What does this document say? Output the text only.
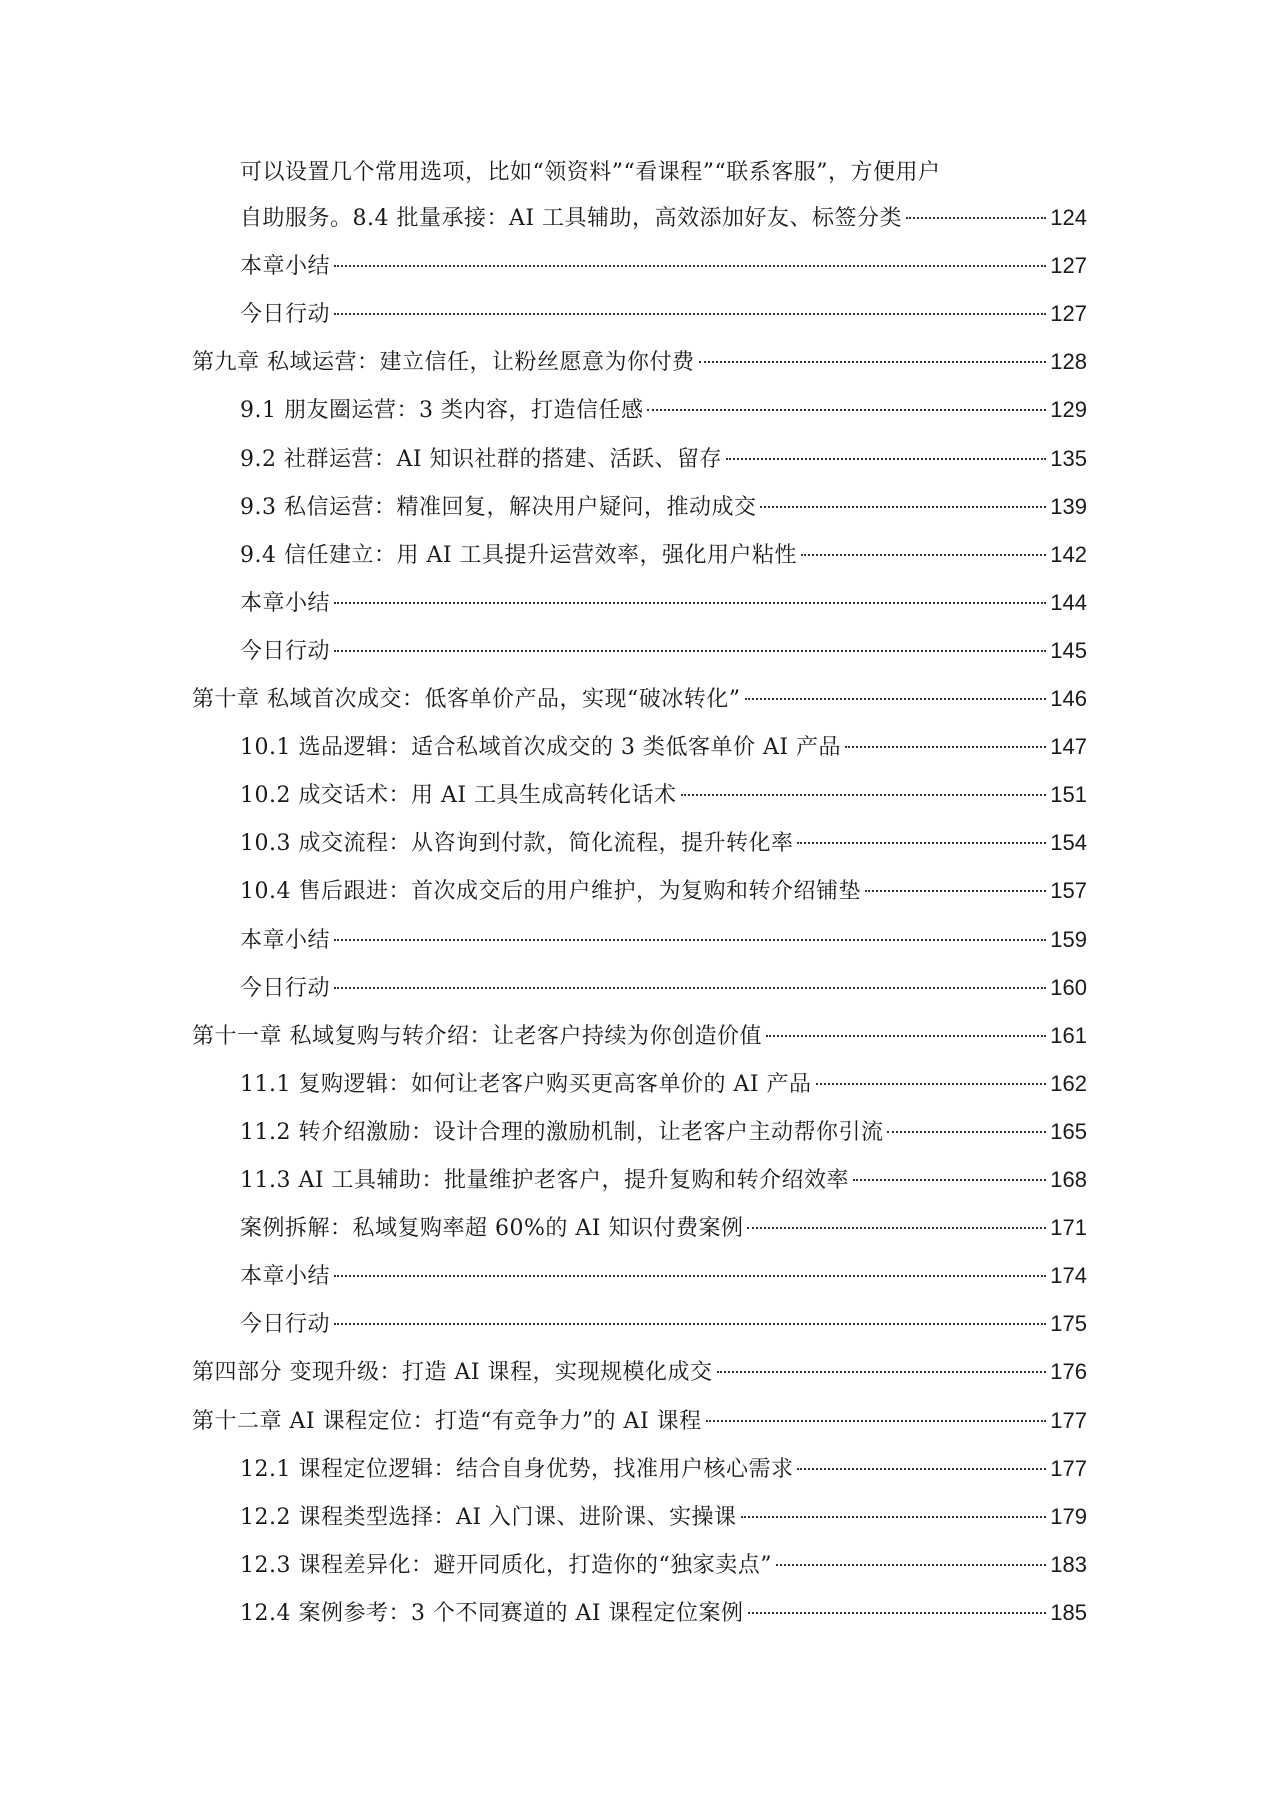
可以设置几个常用选项，比如“领资料”“看课程”“联系客服”，方便用户
自助服务。8.4 批量承接：AI 工具辅助，高效添加好友、标签分类	124
本章小结	127
今日行动	127
第九章 私域运营：建立信任，让粉丝愿意为你付费	128
9.1 朋友圈运营：3 类内容，打造信任感	129
9.2 社群运营：AI 知识社群的搭建、活跃、留存	135
9.3 私信运营：精准回复，解决用户疑问，推动成交	139
9.4 信任建立：用 AI 工具提升运营效率，强化用户粘性	142
本章小结	144
今日行动	145
第十章 私域首次成交：低客单价产品，实现“破冰转化”	146
10.1 选品逻辑：适合私域首次成交的 3 类低客单价 AI 产品	147
10.2 成交话术：用 AI 工具生成高转化话术	151
10.3 成交流程：从咨询到付款，简化流程，提升转化率	154
10.4 售后跟进：首次成交后的用户维护，为复购和转介绍铺垫	157
本章小结	159
今日行动	160
第十一章 私域复购与转介绍：让老客户持续为你创造价值	161
11.1 复购逻辑：如何让老客户购买更高客单价的 AI 产品	162
11.2 转介绍激励：设计合理的激励机制，让老客户主动帮你引流	165
11.3 AI 工具辅助：批量维护老客户，提升复购和转介绍效率	168
案例拆解：私域复购率超 60%的 AI 知识付费案例	171
本章小结	174
今日行动	175
第四部分 变现升级：打造 AI 课程，实现规模化成交	176
第十二章 AI 课程定位：打造“有竞争力”的 AI 课程	177
12.1 课程定位逻辑：结合自身优势，找准用户核心需求	177
12.2 课程类型选择：AI 入门课、进阶课、实操课	179
12.3 课程差异化：避开同质化，打造你的“独家卖点”	183
12.4 案例参考：3 个不同赛道的 AI 课程定位案例	185
